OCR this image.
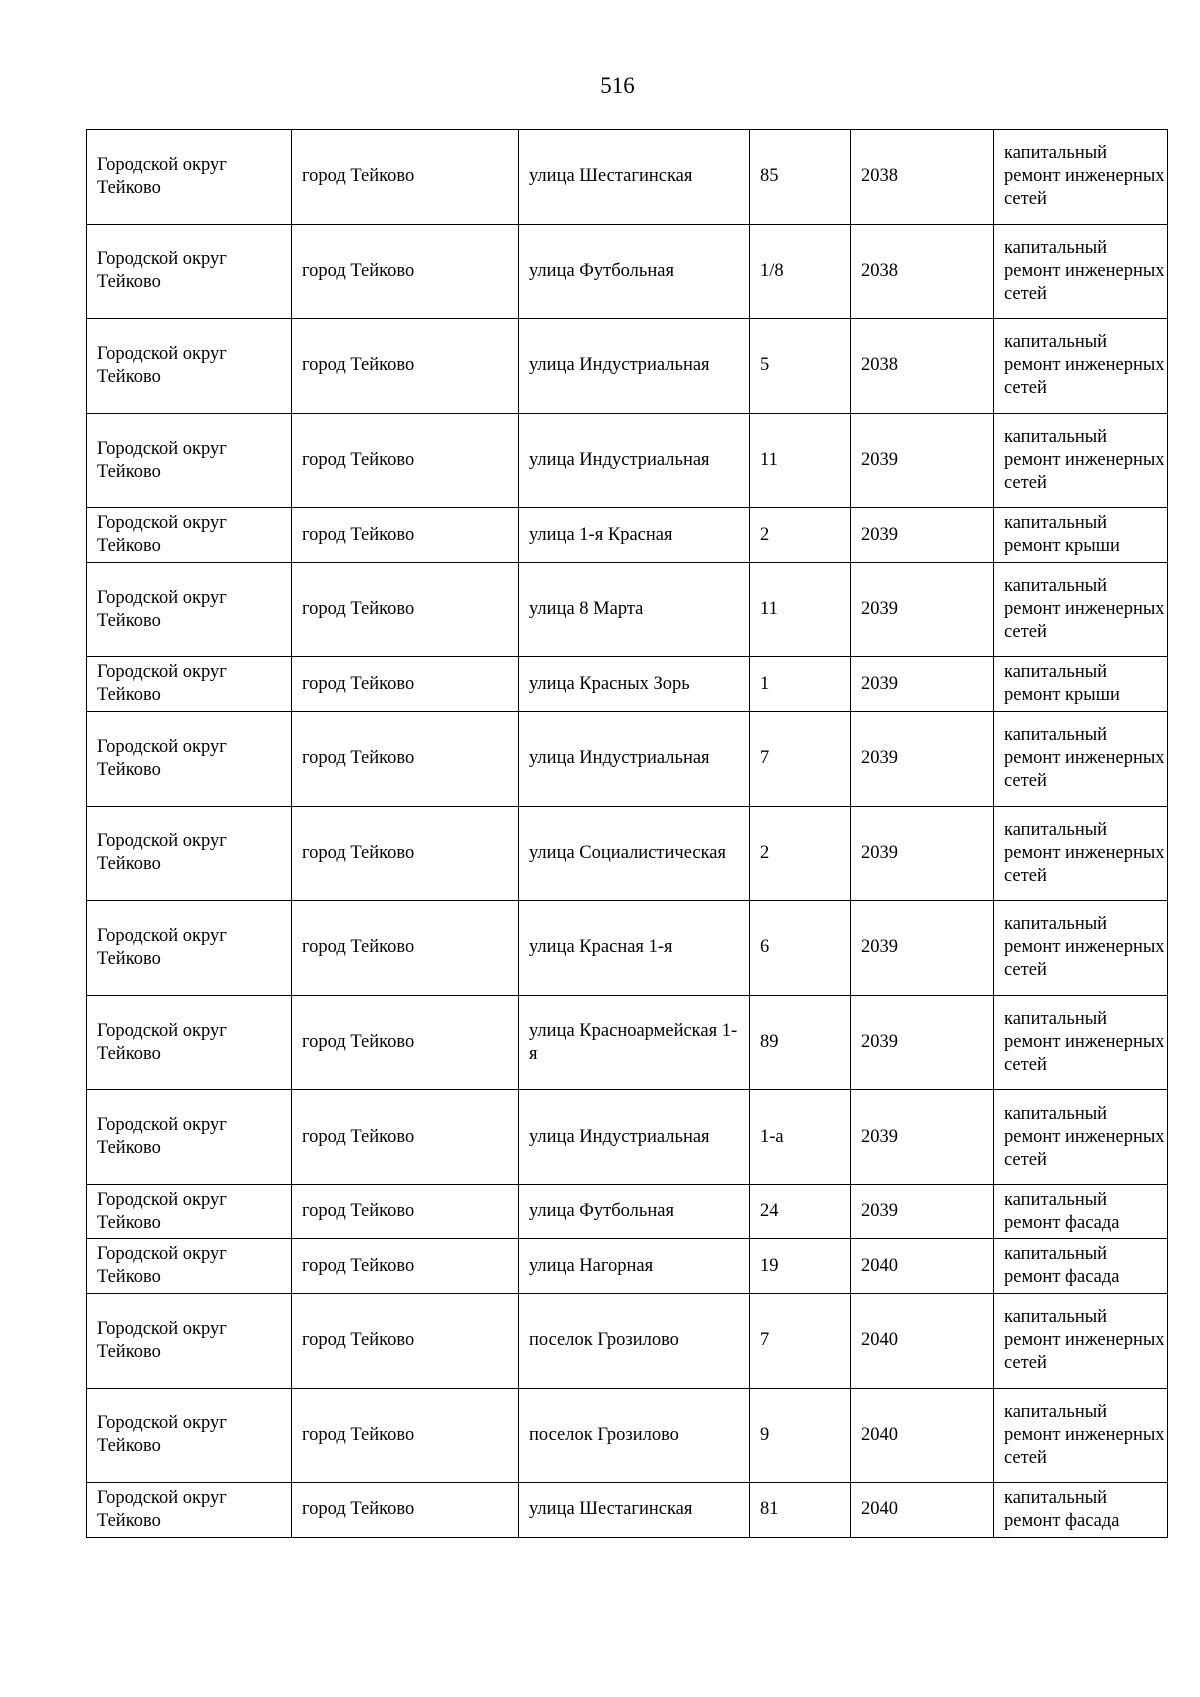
516
Городской округ Тейково	город Тейково	улица Шестагинская	85	2038	капитальный ремонт инженерных сетей

Городской округ Тейково	город Тейково	улица Футбольная	1/8	2038	капитальный ремонт инженерных сетей

Городской округ Тейково	город Тейково	улица Индустриальная	5	2038	капитальный ремонт инженерных сетей

Городской округ Тейково	город Тейково	улица Индустриальная	11	2039	капитальный ремонт инженерных сетей

Городской округ Тейково	город Тейково	улица 1-я Красная	2	2039	капитальный ремонт крыши

Городской округ Тейково	город Тейково	улица 8 Марта	11	2039	капитальный ремонт инженерных сетей

Городской округ Тейково	город Тейково	улица Красных Зорь	1	2039	капитальный ремонт крыши

Городской округ Тейково	город Тейково	улица Индустриальная	7	2039	капитальный ремонт инженерных сетей

Городской округ Тейково	город Тейково	улица Социалистическая	2	2039	капитальный ремонт инженерных сетей

Городской округ Тейково	город Тейково	улица Красная 1-я	6	2039	капитальный ремонт инженерных сетей

Городской округ Тейково	город Тейково	улица Красноармейская 1-я	89	2039	капитальный ремонт инженерных сетей

Городской округ Тейково	город Тейково	улица Индустриальная	1-а	2039	капитальный ремонт инженерных сетей

Городской округ Тейково	город Тейково	улица Футбольная	24	2039	капитальный ремонт фасада

Городской округ Тейково	город Тейково	улица Нагорная	19	2040	капитальный ремонт фасада

Городской округ Тейково	город Тейково	поселок Грозилово	7	2040	капитальный ремонт инженерных сетей

Городской округ Тейково	город Тейково	поселок Грозилово	9	2040	капитальный ремонт инженерных сетей

Городской округ Тейково	город Тейково	улица Шестагинская	81	2040	капитальный ремонт фасада
